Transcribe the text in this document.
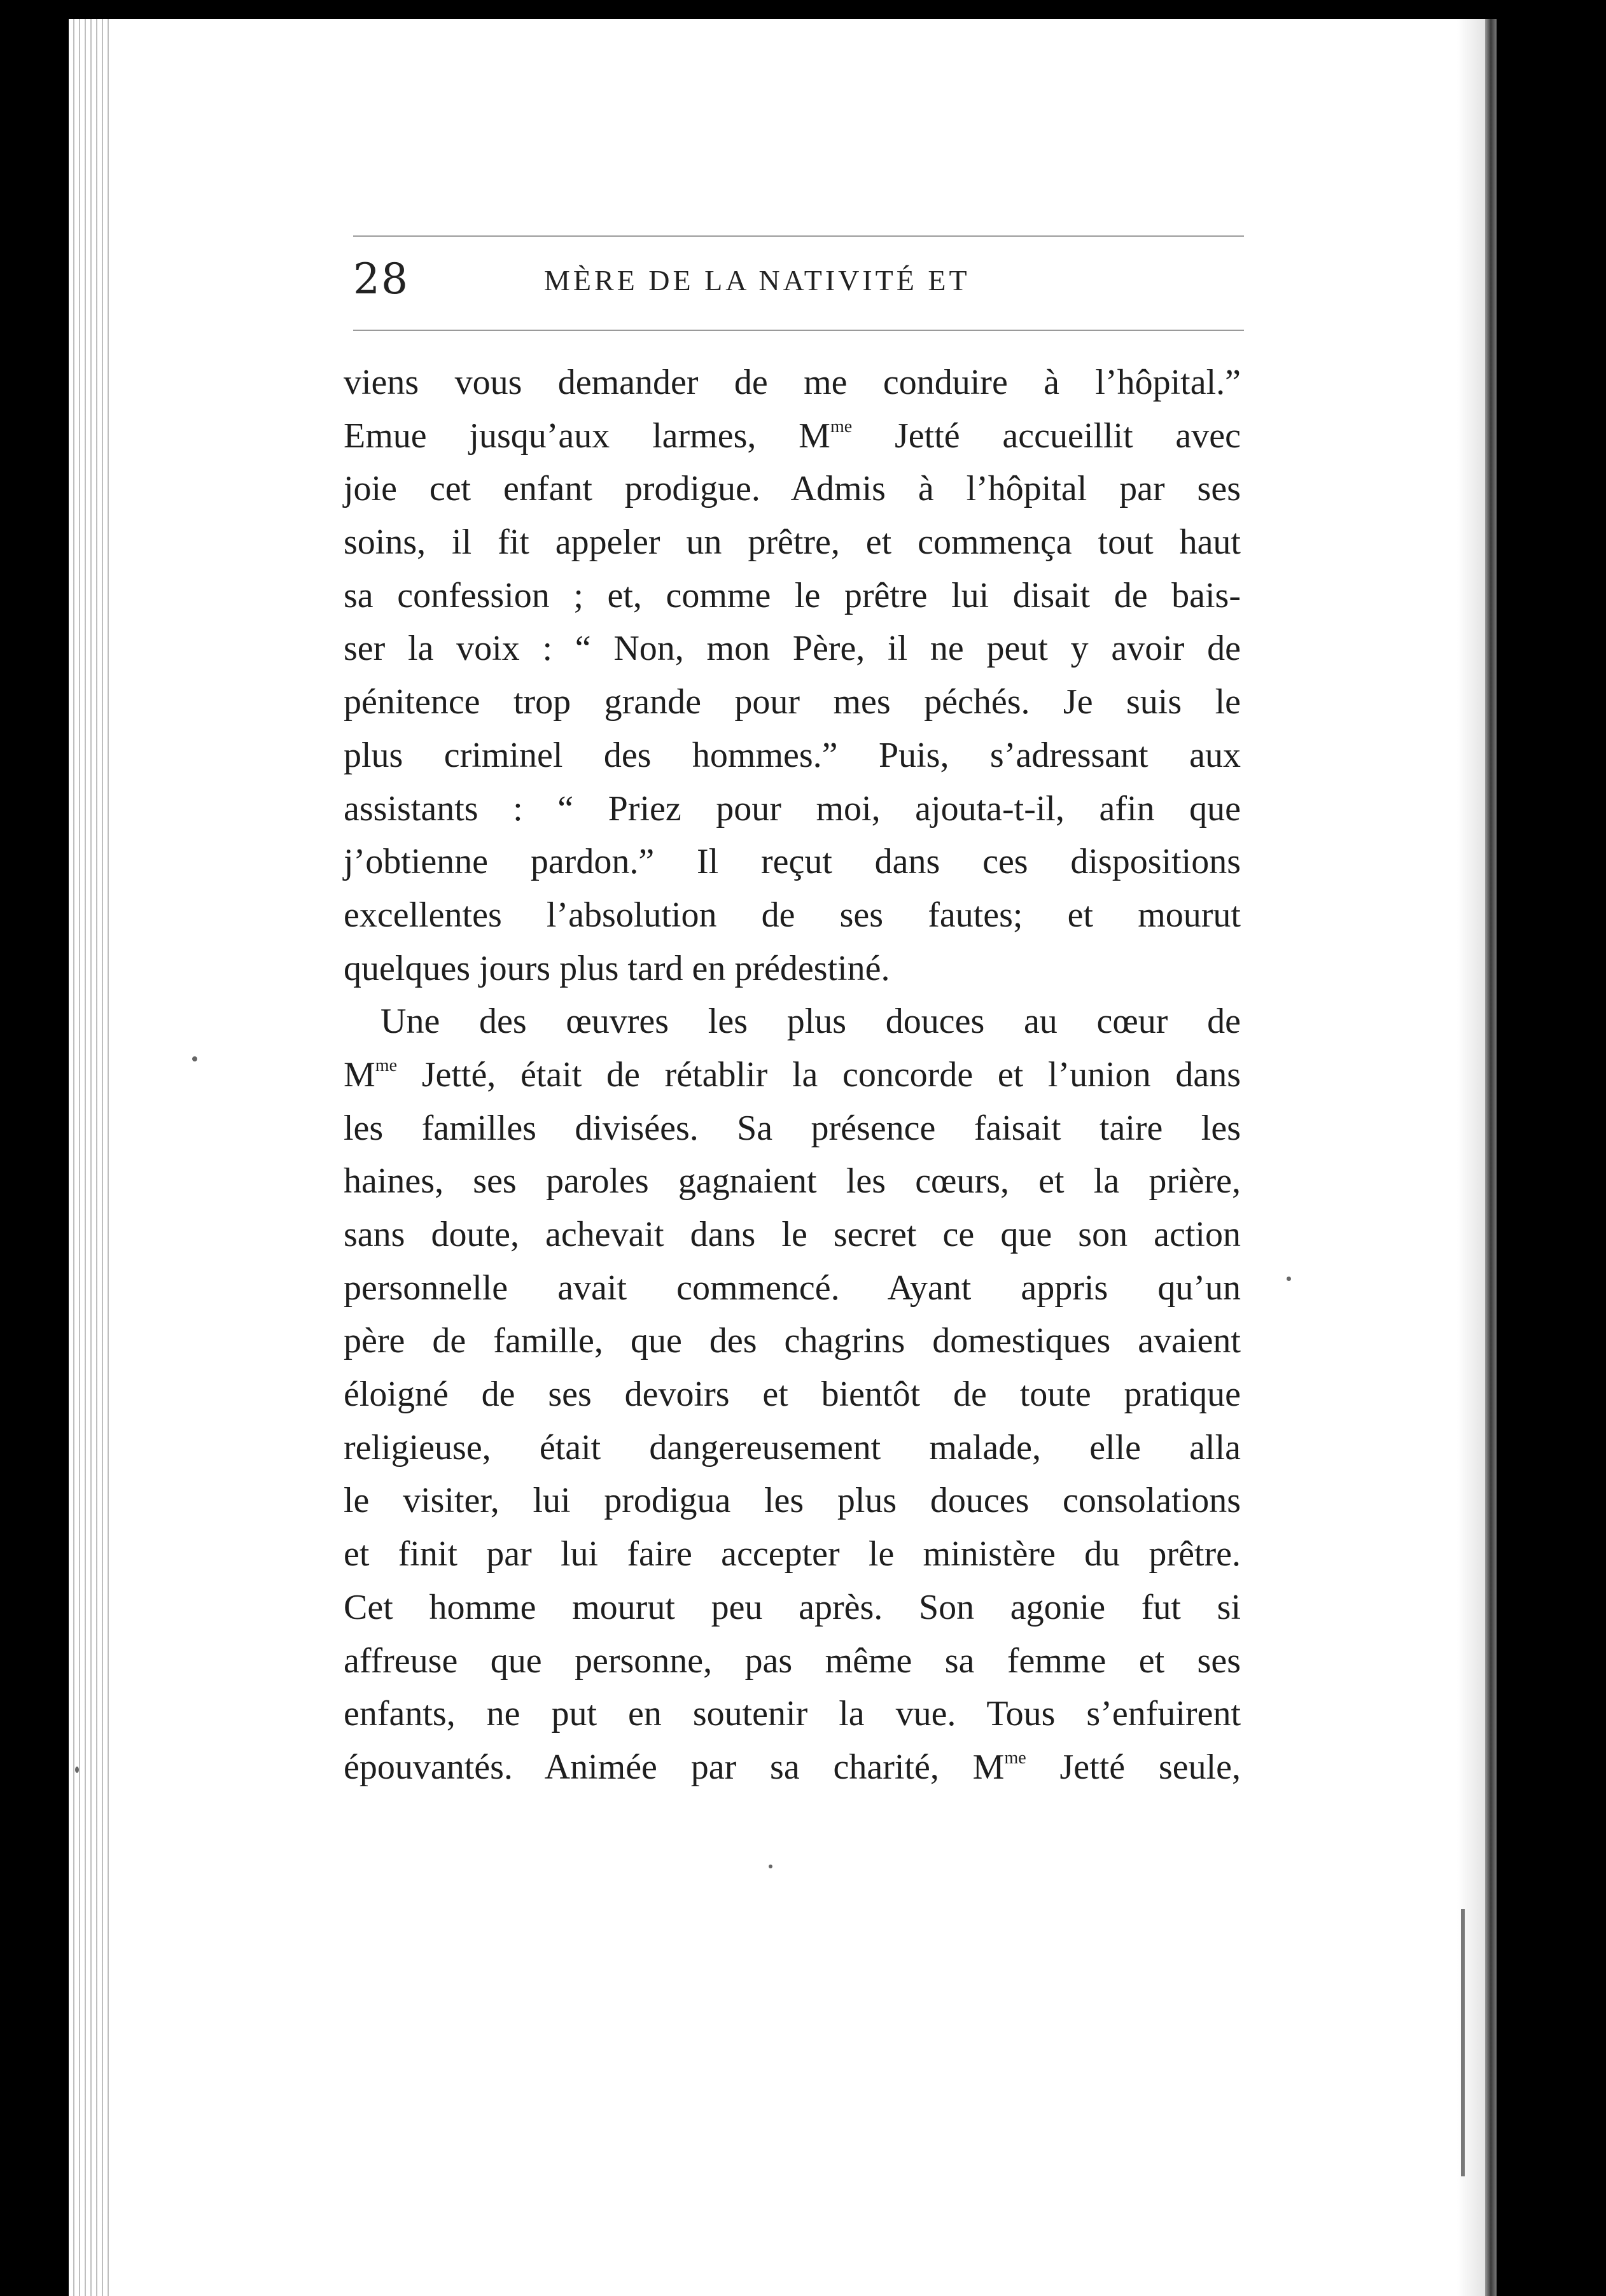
28	MÈRE DE LA NATIVITÉ ET
viens vous demander de me conduire à l’hôpital.”
Emue jusqu’aux larmes, $M^{me}$ Jetté accueillit avec
joie cet enfant prodigue. Admis à l’hôpital par ses
soins, il fit appeler un prêtre, et commença tout haut
sa confession ; et, comme le prêtre lui disait de bais-
ser la voix : “ Non, mon Père, il ne peut y avoir de
pénitence trop grande pour mes péchés. Je suis le
plus criminel des hommes.” Puis, s’adressant aux
assistants : “ Priez pour moi, ajouta-t-il, afin que
j’obtienne pardon.” Il reçut dans ces dispositions
excellentes l’absolution de ses fautes; et mourut
quelques jours plus tard en prédestiné.
Une des œuvres les plus douces au cœur de
$M^{me}$ Jetté, était de rétablir la concorde et l’union dans
les familles divisées. Sa présence faisait taire les
haines, ses paroles gagnaient les cœurs, et la prière,
sans doute, achevait dans le secret ce que son action
personnelle avait commencé. Ayant appris qu’un
père de famille, que des chagrins domestiques avaient
éloigné de ses devoirs et bientôt de toute pratique
religieuse, était dangereusement malade, elle alla
le visiter, lui prodigua les plus douces consolations
et finit par lui faire accepter le ministère du prêtre.
Cet homme mourut peu après. Son agonie fut si
affreuse que personne, pas même sa femme et ses
enfants, ne put en soutenir la vue. Tous s’enfuirent
épouvantés. Animée par sa charité, $M^{me}$ Jetté seule,
